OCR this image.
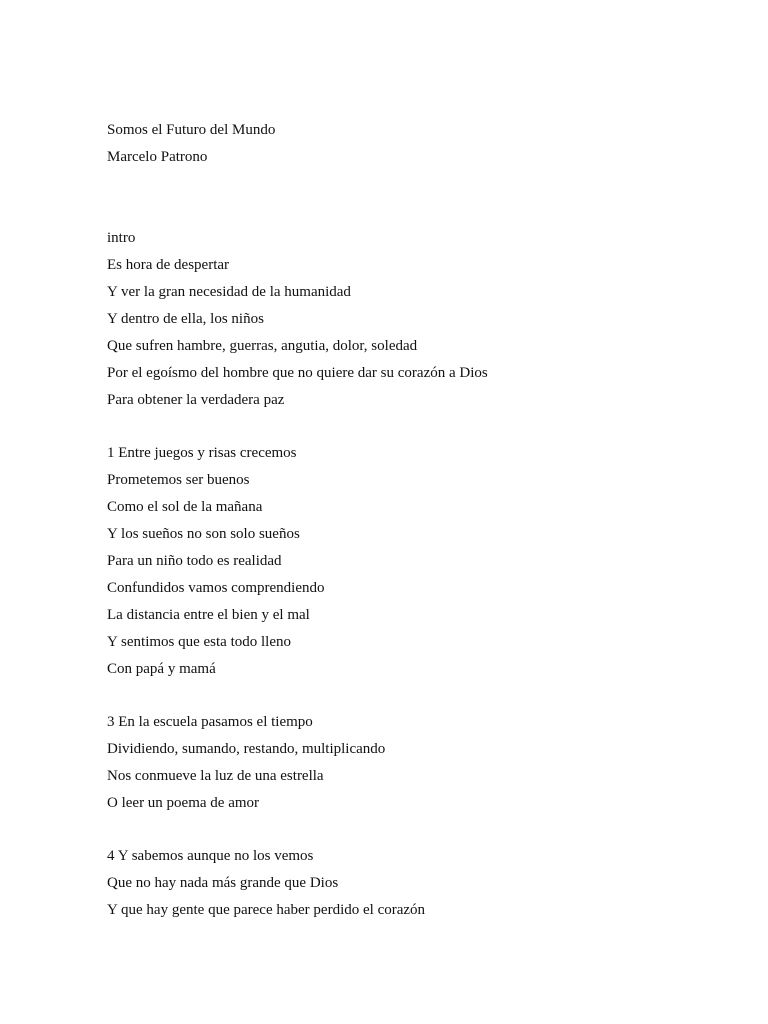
Somos el Futuro del Mundo
Marcelo Patrono
intro
Es hora de despertar
Y ver la gran necesidad de la humanidad
Y dentro de ella, los niños
Que sufren hambre, guerras, angutia, dolor, soledad
Por el egoísmo del hombre que no quiere dar su corazón a Dios
Para obtener la verdadera paz
1 Entre juegos y risas crecemos
Prometemos ser buenos
Como el sol de la mañana
Y los sueños no son solo sueños
Para un niño todo es realidad
Confundidos vamos comprendiendo
La distancia entre el bien y el mal
Y sentimos que esta todo lleno
Con papá y mamá
3 En la escuela pasamos el tiempo
Dividiendo, sumando, restando, multiplicando
Nos conmueve la luz de una estrella
O leer un poema de amor
4 Y sabemos aunque no los vemos
Que no hay nada más grande que Dios
Y que hay gente que parece haber perdido el corazón
